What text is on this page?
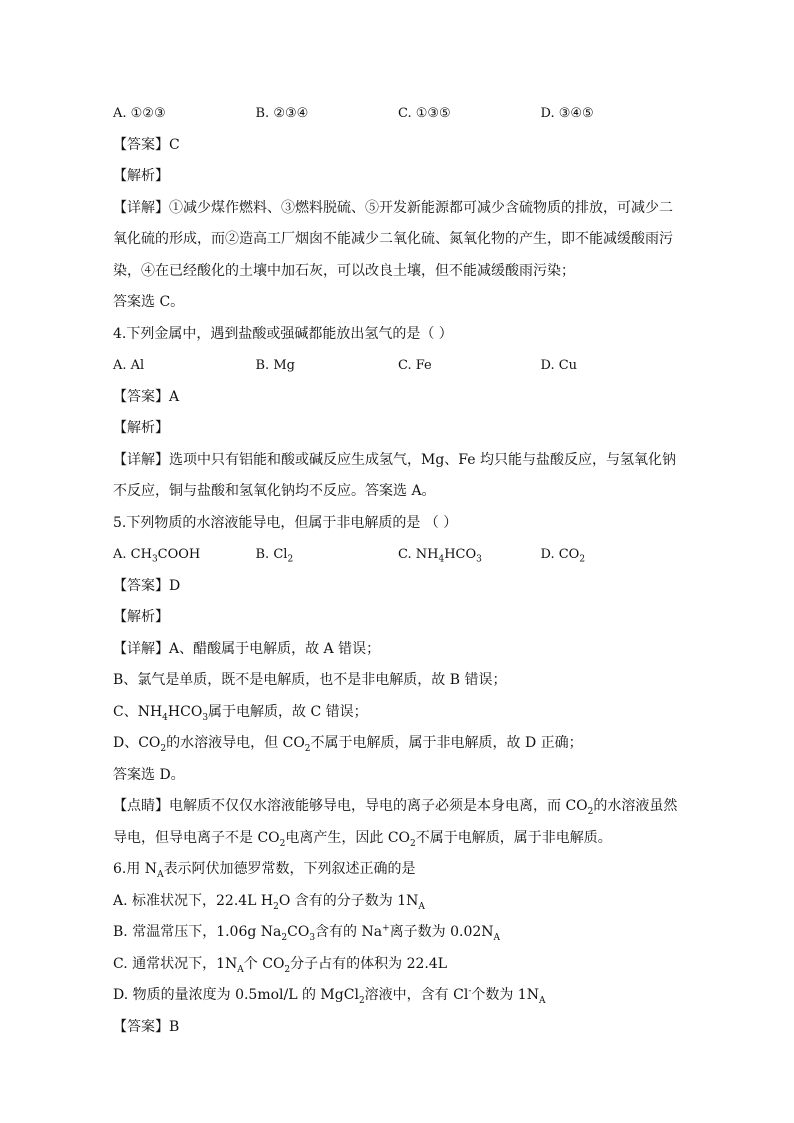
A. ①②③	B. ②③④	C. ①③⑤	D. ③④⑤
【答案】C
【解析】
【详解】①减少煤作燃料、③燃料脱硫、⑤开发新能源都可减少含硫物质的排放，可减少二氧化硫的形成，而②造高工厂烟囱不能减少二氧化硫、氮氧化物的产生，即不能减缓酸雨污染，④在已经酸化的土壤中加石灰，可以改良土壤，但不能减缓酸雨污染；
答案选 C。
4.下列金属中，遇到盐酸或强碱都能放出氢气的是（ ）
A. Al	B. Mg	C. Fe	D. Cu
【答案】A
【解析】
【详解】选项中只有铝能和酸或碱反应生成氢气，Mg、Fe 均只能与盐酸反应，与氢氧化钠不反应，铜与盐酸和氢氧化钠均不反应。答案选 A。
5.下列物质的水溶液能导电，但属于非电解质的是 （ ）
A. $CH_3COOH$	B. $Cl_2$	C. $NH_4HCO_3$	D. $CO_2$
【答案】D
【解析】
【详解】A、醋酸属于电解质，故 A 错误；
B、氯气是单质，既不是电解质，也不是非电解质，故 B 错误；
C、$NH_4HCO_3$属于电解质，故 C 错误；
D、$CO_2$的水溶液导电，但 $CO_2$不属于电解质，属于非电解质，故 D 正确；
答案选 D。
【点睛】电解质不仅仅水溶液能够导电，导电的离子必须是本身电离，而 $CO_2$的水溶液虽然导电，但导电离子不是 $CO_2$电离产生，因此 $CO_2$不属于电解质，属于非电解质。
6.用 $N_A$表示阿伏加德罗常数，下列叙述正确的是
A. 标准状况下，22.4L $H_2O$ 含有的分子数为 $1N_A$
B. 常温常压下，1.06g $Na_2CO_3$含有的 Na+离子数为 $0.02N_A$
C. 通常状况下，$1N_A$个 $CO_2$分子占有的体积为 22.4L
D. 物质的量浓度为 0.5mol/L 的 MgCl$_2$溶液中，含有 Cl-个数为 $1N_A$
【答案】B
